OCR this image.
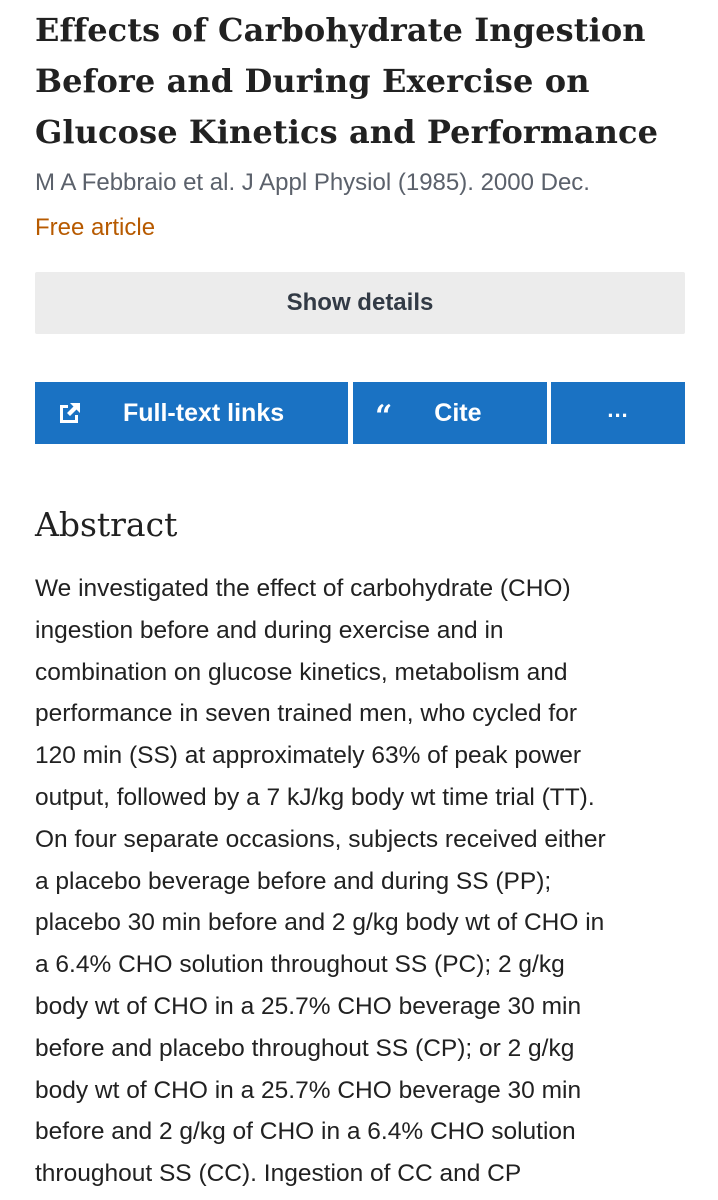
Effects of Carbohydrate Ingestion
Before and During Exercise on
Glucose Kinetics and Performance
M A Febbraio et al. J Appl Physiol (1985). 2000 Dec.
Free article
Show details
Full-text links	“ Cite	...
Abstract

We investigated the effect of carbohydrate (CHO)
ingestion before and during exercise and in
combination on glucose kinetics, metabolism and
performance in seven trained men, who cycled for
120 min (SS) at approximately 63% of peak power
output, followed by a 7 kJ/kg body wt time trial (TT).
On four separate occasions, subjects received either
a placebo beverage before and during SS (PP);
placebo 30 min before and 2 g/kg body wt of CHO in
a 6.4% CHO solution throughout SS (PC); 2 g/kg
body wt of CHO in a 25.7% CHO beverage 30 min
before and placebo throughout SS (CP); or 2 g/kg
body wt of CHO in a 25.7% CHO beverage 30 min
before and 2 g/kg of CHO in a 6.4% CHO solution
throughout SS (CC). Ingestion of CC and CP
